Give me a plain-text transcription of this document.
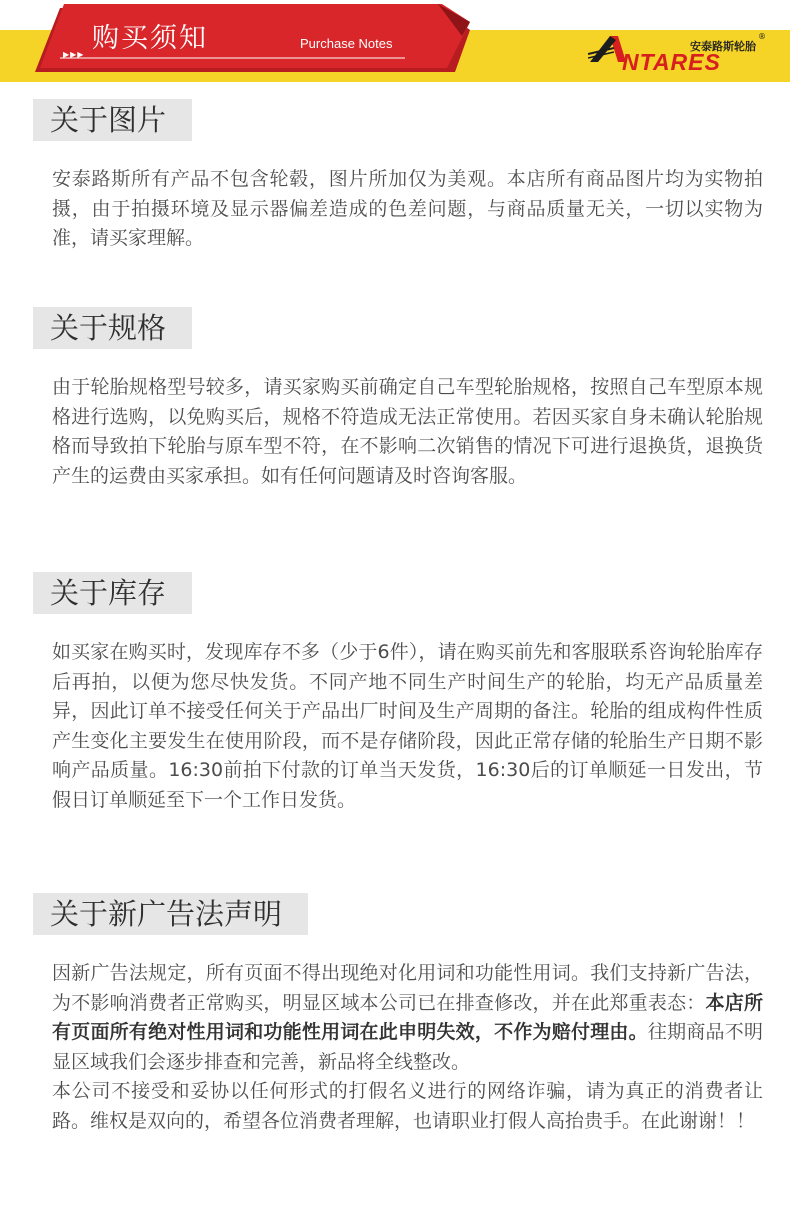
购买须知	Purchase Notes
▶▶▶	NTARES
安泰路斯轮胎
®
关于图片

安泰路斯所有产品不包含轮毂，图片所加仅为美观。本店所有商品图片均为实物拍摄，由于拍摄环境及显示器偏差造成的色差问题，与商品质量无关，一切以实物为准，请买家理解。

关于规格

由于轮胎规格型号较多，请买家购买前确定自己车型轮胎规格，按照自己车型原本规格进行选购，以免购买后，规格不符造成无法正常使用。若因买家自身未确认轮胎规格而导致拍下轮胎与原车型不符，在不影响二次销售的情况下可进行退换货，退换货产生的运费由买家承担。如有任何问题请及时咨询客服。

关于库存

如买家在购买时，发现库存不多（少于6件），请在购买前先和客服联系咨询轮胎库存后再拍，以便为您尽快发货。不同产地不同生产时间生产的轮胎，均无产品质量差异，因此订单不接受任何关于产品出厂时间及生产周期的备注。轮胎的组成构件性质产生变化主要发生在使用阶段，而不是存储阶段，因此正常存储的轮胎生产日期不影响产品质量。16:30前拍下付款的订单当天发货，16:30后的订单顺延一日发出，节假日订单顺延至下一个工作日发货。

关于新广告法声明

因新广告法规定，所有页面不得出现绝对化用词和功能性用词。我们支持新广告法，为不影响消费者正常购买，明显区域本公司已在排查修改，并在此郑重表态：本店所有页面所有绝对性用词和功能性用词在此申明失效，不作为赔付理由。往期商品不明显区域我们会逐步排查和完善，新品将全线整改。

本公司不接受和妥协以任何形式的打假名义进行的网络诈骗，请为真正的消费者让路。维权是双向的，希望各位消费者理解，也请职业打假人高抬贵手。在此谢谢！！
